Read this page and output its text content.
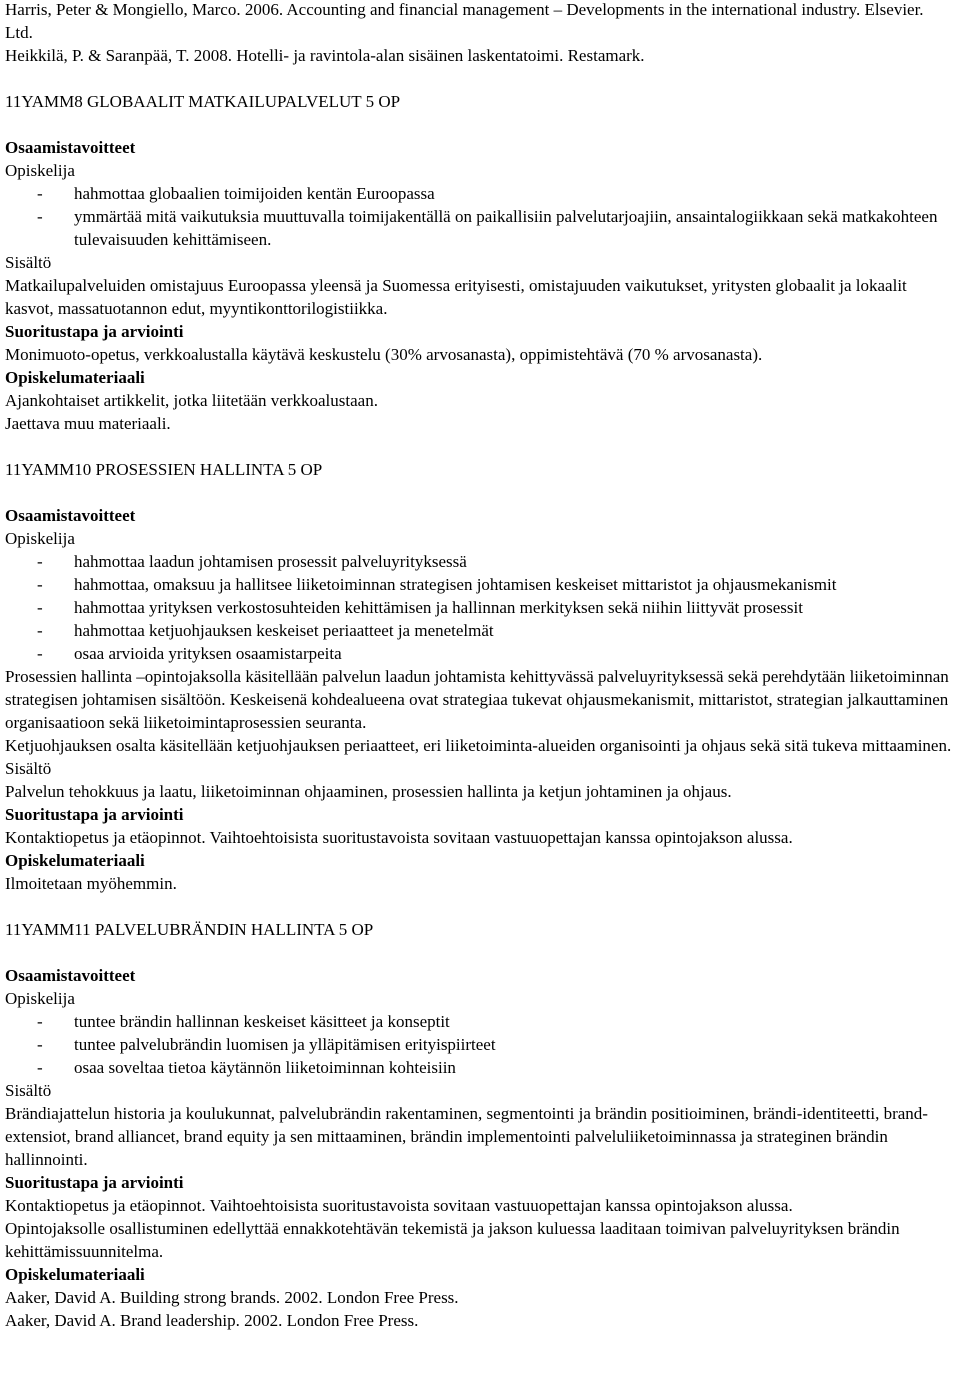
Harris, Peter & Mongiello, Marco. 2006. Accounting and financial management – Developments in the international industry. Elsevier. Ltd.

Heikkilä, P. & Saranpää, T. 2008. Hotelli- ja ravintola-alan sisäinen laskentatoimi. Restamark.

11YAMM8 GLOBAALIT MATKAILUPALVELUT 5 OP

Osaamistavoitteet

Opiskelija

- hahmottaa globaalien toimijoiden kentän Euroopassa
- ymmärtää mitä vaikutuksia muuttuvalla toimijakentällä on paikallisiin palvelutarjoajiin, ansaintalogiikkaan sekä matkakohteen tulevaisuuden kehittämiseen.

Sisältö

Matkailupalveluiden omistajuus Euroopassa yleensä ja Suomessa erityisesti, omistajuuden vaikutukset, yritysten globaalit ja lokaalit kasvot, massatuotannon edut, myyntikonttorilogistiikka.

Suoritustapa ja arviointi

Monimuoto-opetus, verkkoalustalla käytävä keskustelu (30% arvosanasta), oppimistehtävä (70 % arvosanasta).

Opiskelumateriaali

Ajankohtaiset artikkelit, jotka liitetään verkkoalustaan.

Jaettava muu materiaali.

11YAMM10 PROSESSIEN HALLINTA 5 OP

Osaamistavoitteet

Opiskelija

- hahmottaa laadun johtamisen prosessit palveluyrityksessä
- hahmottaa, omaksuu ja hallitsee liiketoiminnan strategisen johtamisen keskeiset mittaristot ja ohjausmekanismit
- hahmottaa yrityksen verkostosuhteiden kehittämisen ja hallinnan merkityksen sekä niihin liittyvät prosessit
- hahmottaa ketjuohjauksen keskeiset periaatteet ja menetelmät
- osaa arvioida yrityksen osaamistarpeita

Prosessien hallinta –opintojaksolla käsitellään palvelun laadun johtamista kehittyvässä palveluyrityksessä sekä perehdytään liiketoiminnan strategisen johtamisen sisältöön. Keskeisenä kohdealueena ovat strategiaa tukevat ohjausmekanismit, mittaristot, strategian jalkauttaminen organisaatioon sekä liiketoimintaprosessien seuranta.

Ketjuohjauksen osalta käsitellään ketjuohjauksen periaatteet, eri liiketoiminta-alueiden organisointi ja ohjaus sekä sitä tukeva mittaaminen.

Sisältö

Palvelun tehokkuus ja laatu, liiketoiminnan ohjaaminen, prosessien hallinta ja ketjun johtaminen ja ohjaus.

Suoritustapa ja arviointi

Kontaktiopetus ja etäopinnot. Vaihtoehtoisista suoritustavoista sovitaan vastuuopettajan kanssa opintojakson alussa.

Opiskelumateriaali

Ilmoitetaan myöhemmin.

11YAMM11 PALVELUBRÄNDIN HALLINTA 5 OP

Osaamistavoitteet

Opiskelija

- tuntee brändin hallinnan keskeiset käsitteet ja konseptit
- tuntee palvelubrändin luomisen ja ylläpitämisen erityispiirteet
- osaa soveltaa tietoa käytännön liiketoiminnan kohteisiin

Sisältö

Brändiajattelun historia ja koulukunnat, palvelubrändin rakentaminen, segmentointi ja brändin positioiminen, brändi-identiteetti, brand-extensiot, brand alliancet, brand equity ja sen mittaaminen, brändin implementointi palveluliiketoiminnassa ja strateginen brändin hallinnointi.

Suoritustapa ja arviointi

Kontaktiopetus ja etäopinnot. Vaihtoehtoisista suoritustavoista sovitaan vastuuopettajan kanssa opintojakson alussa.

Opintojaksolle osallistuminen edellyttää ennakkotehtävän tekemistä ja jakson kuluessa laaditaan toimivan palveluyrityksen brändin kehittämissuunnitelma.

Opiskelumateriaali

Aaker, David A. Building strong brands. 2002. London Free Press.

Aaker, David A. Brand leadership. 2002. London Free Press.
